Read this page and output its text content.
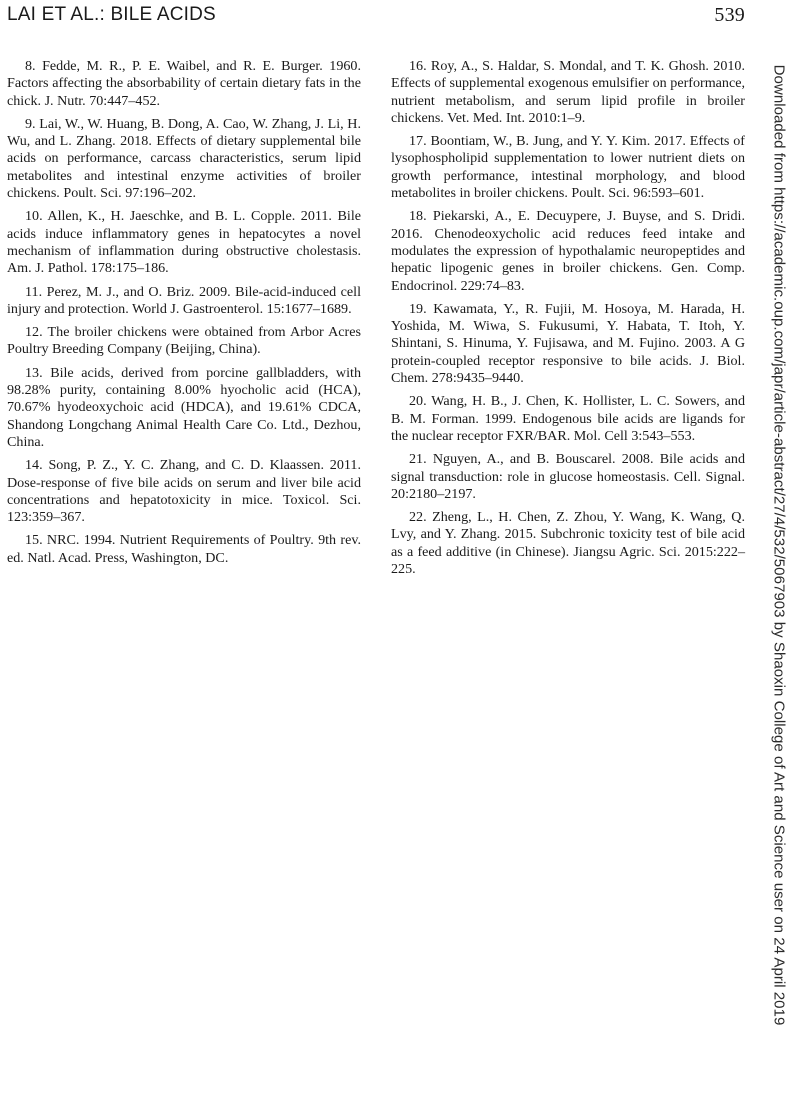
LAI ET AL.: BILE ACIDS	539

8. Fedde, M. R., P. E. Waibel, and R. E. Burger. 1960. Factors affecting the absorbability of certain dietary fats in the chick. J. Nutr. 70:447–452.

9. Lai, W., W. Huang, B. Dong, A. Cao, W. Zhang, J. Li, H. Wu, and L. Zhang. 2018. Effects of dietary supplemental bile acids on performance, carcass characteristics, serum lipid metabolites and intestinal enzyme activities of broiler chickens. Poult. Sci. 97:196–202.

10. Allen, K., H. Jaeschke, and B. L. Copple. 2011. Bile acids induce inflammatory genes in hepatocytes a novel mechanism of inflammation during obstructive cholestasis. Am. J. Pathol. 178:175–186.

11. Perez, M. J., and O. Briz. 2009. Bile-acid-induced cell injury and protection. World J. Gastroenterol. 15:1677–1689.

12. The broiler chickens were obtained from Arbor Acres Poultry Breeding Company (Beijing, China).

13. Bile acids, derived from porcine gallbladders, with 98.28% purity, containing 8.00% hyocholic acid (HCA), 70.67% hyodeoxychoic acid (HDCA), and 19.61% CDCA, Shandong Longchang Animal Health Care Co. Ltd., Dezhou, China.

14. Song, P. Z., Y. C. Zhang, and C. D. Klaassen. 2011. Dose-response of five bile acids on serum and liver bile acid concentrations and hepatotoxicity in mice. Toxicol. Sci. 123:359–367.

15. NRC. 1994. Nutrient Requirements of Poultry. 9th rev. ed. Natl. Acad. Press, Washington, DC.

16. Roy, A., S. Haldar, S. Mondal, and T. K. Ghosh. 2010. Effects of supplemental exogenous emulsifier on performance, nutrient metabolism, and serum lipid profile in broiler chickens. Vet. Med. Int. 2010:1–9.

17. Boontiam, W., B. Jung, and Y. Y. Kim. 2017. Effects of lysophospholipid supplementation to lower nutrient diets on growth performance, intestinal morphology, and blood metabolites in broiler chickens. Poult. Sci. 96:593–601.

18. Piekarski, A., E. Decuypere, J. Buyse, and S. Dridi. 2016. Chenodeoxycholic acid reduces feed intake and modulates the expression of hypothalamic neuropeptides and hepatic lipogenic genes in broiler chickens. Gen. Comp. Endocrinol. 229:74–83.

19. Kawamata, Y., R. Fujii, M. Hosoya, M. Harada, H. Yoshida, M. Wiwa, S. Fukusumi, Y. Habata, T. Itoh, Y. Shintani, S. Hinuma, Y. Fujisawa, and M. Fujino. 2003. A G protein-coupled receptor responsive to bile acids. J. Biol. Chem. 278:9435–9440.

20. Wang, H. B., J. Chen, K. Hollister, L. C. Sowers, and B. M. Forman. 1999. Endogenous bile acids are ligands for the nuclear receptor FXR/BAR. Mol. Cell 3:543–553.

21. Nguyen, A., and B. Bouscarel. 2008. Bile acids and signal transduction: role in glucose homeostasis. Cell. Signal. 20:2180–2197.

22. Zheng, L., H. Chen, Z. Zhou, Y. Wang, K. Wang, Q. Lvy, and Y. Zhang. 2015. Subchronic toxicity test of bile acid as a feed additive (in Chinese). Jiangsu Agric. Sci. 2015:222–225.	Downloaded from https://academic.oup.com/japr/article-abstract/27/4/532/5067903 by Shaoxin College of Art and Science user on 24 April 2019
